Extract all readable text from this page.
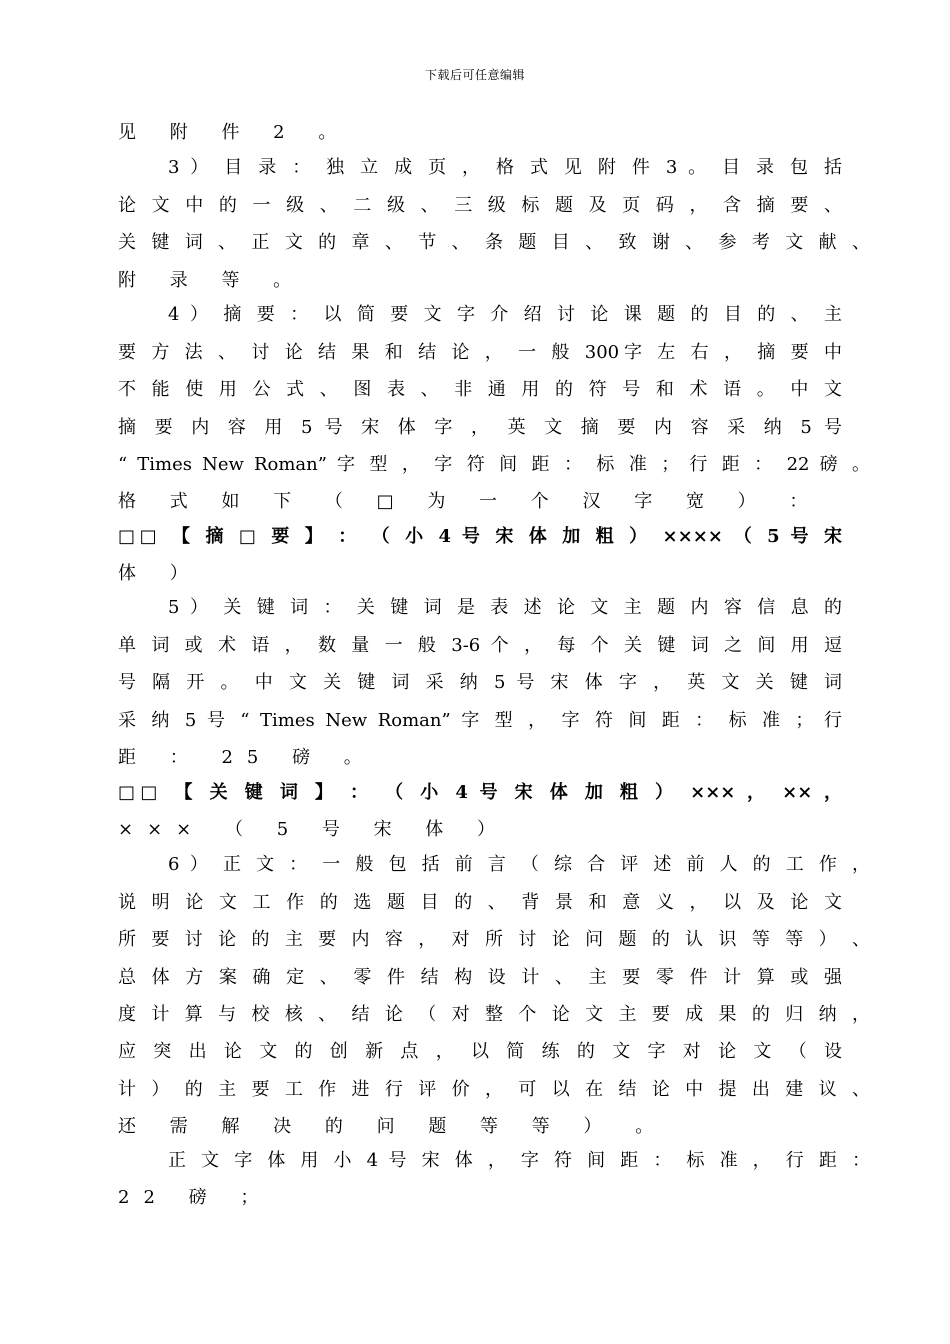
下载后可任意编辑
见 附 件 2 。
3 ） 目 录 ： 独 立 成 页 ， 格 式 见 附 件 3 。 目 录 包 括
论 文 中 的 一 级 、 二 级 、 三 级 标 题 及 页 码 ， 含 摘 要 、
关 键 词 、 正 文 的 章 、 节 、 条 题 目 、 致 谢 、 参 考 文 献 、
附 录 等 。
4 ） 摘 要 ： 以 简 要 文 字 介 绍 讨 论 课 题 的 目 的 、 主
要 方 法 、 讨 论 结 果 和 结 论 ， 一 般 300字 左 右 ， 摘 要 中
不 能 使 用 公 式 、 图 表 、 非 通 用 的 符 号 和 术 语 。 中 文
摘 要 内 容 用 5 号 宋 体 字 ， 英 文 摘 要 内 容 采 纳 5 号
“ Times New Roman” 字 型 ， 字 符 间 距 ： 标 准 ； 行 距 ： 22 磅 。
格 式 如 下 （ □ 为 一 个 汉 字 宽 ） ：
□□ 【 摘 □ 要 】 ： （ 小 4 号 宋 体 加 粗 ） ×××× （ 5 号 宋
体 ）
5 ） 关 键 词 ： 关 键 词 是 表 述 论 文 主 题 内 容 信 息 的
单 词 或 术 语 ， 数 量 一 般 3-6 个 ， 每 个 关 键 词 之 间 用 逗
号 隔 开 。 中 文 关 键 词 采 纳 5 号 宋 体 字 ， 英 文 关 键 词
采 纳 5 号 “ Times New Roman” 字 型 ， 字 符 间 距 ： 标 准 ； 行
距 ： 25 磅 。
□□ 【 关 键 词 】 ： （ 小 4 号 宋 体 加 粗 ） ××× ， ×× ，
××× （ 5 号 宋 体 ）
6 ） 正 文 ： 一 般 包 括 前 言 （ 综 合 评 述 前 人 的 工 作 ，
说 明 论 文 工 作 的 选 题 目 的 、 背 景 和 意 义 ， 以 及 论 文
所 要 讨 论 的 主 要 内 容 ， 对 所 讨 论 问 题 的 认 识 等 等 ） 、
总 体 方 案 确 定 、 零 件 结 构 设 计 、 主 要 零 件 计 算 或 强
度 计 算 与 校 核 、 结 论 （ 对 整 个 论 文 主 要 成 果 的 归 纳 ，
应 突 出 论 文 的 创 新 点 ， 以 简 练 的 文 字 对 论 文 （ 设
计 ） 的 主 要 工 作 进 行 评 价 ， 可 以 在 结 论 中 提 出 建 议 、
还 需 解 决 的 问 题 等 等 ） 。
正 文 字 体 用 小 4 号 宋 体 ， 字 符 间 距 ： 标 准 ， 行 距 ：
22 磅 ；
